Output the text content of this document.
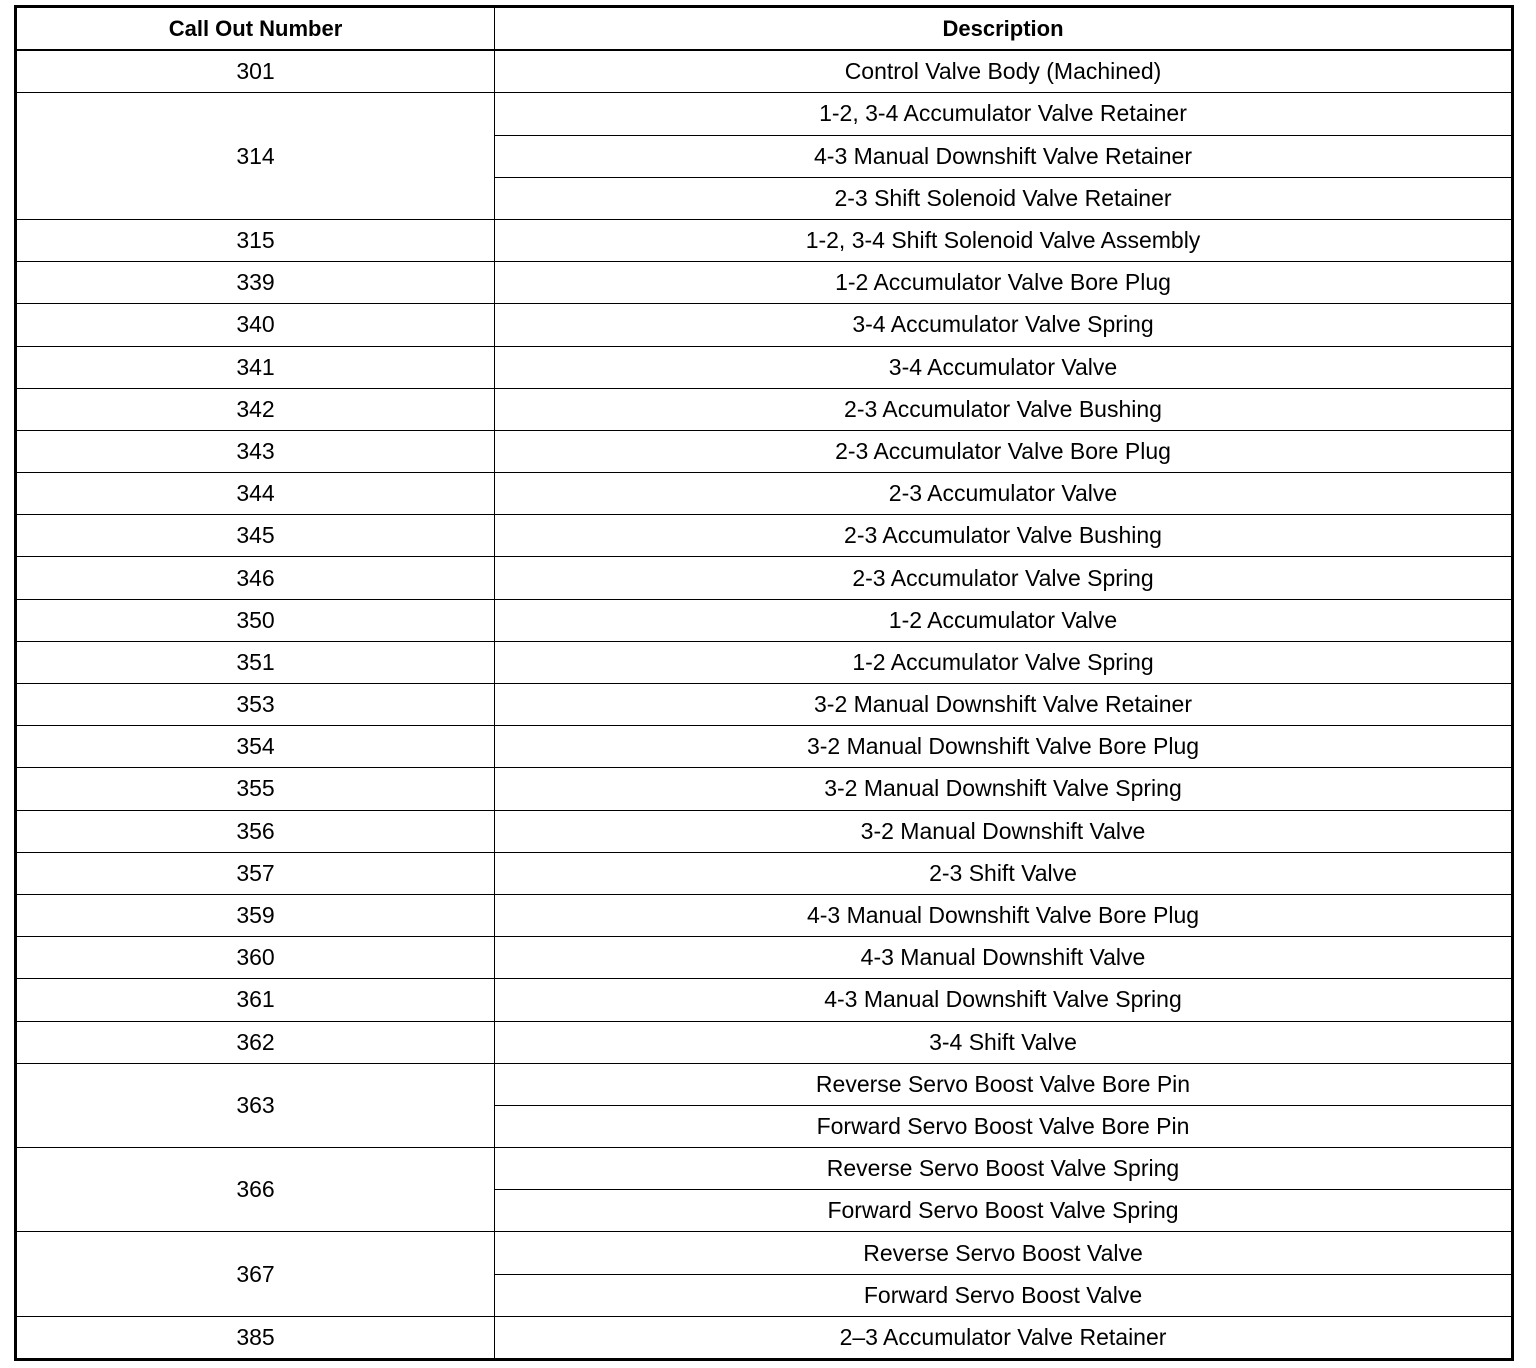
Call Out Number	Description
301	Control Valve Body (Machined)
314	1-2, 3-4 Accumulator Valve Retainer
	4-3 Manual Downshift Valve Retainer
	2-3 Shift Solenoid Valve Retainer
315	1-2, 3-4 Shift Solenoid Valve Assembly
339	1-2 Accumulator Valve Bore Plug
340	3-4 Accumulator Valve Spring
341	3-4 Accumulator Valve
342	2-3 Accumulator Valve Bushing
343	2-3 Accumulator Valve Bore Plug
344	2-3 Accumulator Valve
345	2-3 Accumulator Valve Bushing
346	2-3 Accumulator Valve Spring
350	1-2 Accumulator Valve
351	1-2 Accumulator Valve Spring
353	3-2 Manual Downshift Valve Retainer
354	3-2 Manual Downshift Valve Bore Plug
355	3-2 Manual Downshift Valve Spring
356	3-2 Manual Downshift Valve
357	2-3 Shift Valve
359	4-3 Manual Downshift Valve Bore Plug
360	4-3 Manual Downshift Valve
361	4-3 Manual Downshift Valve Spring
362	3-4 Shift Valve
363	Reverse Servo Boost Valve Bore Pin
	Forward Servo Boost Valve Bore Pin
366	Reverse Servo Boost Valve Spring
	Forward Servo Boost Valve Spring
367	Reverse Servo Boost Valve
	Forward Servo Boost Valve
385	2–3 Accumulator Valve Retainer
